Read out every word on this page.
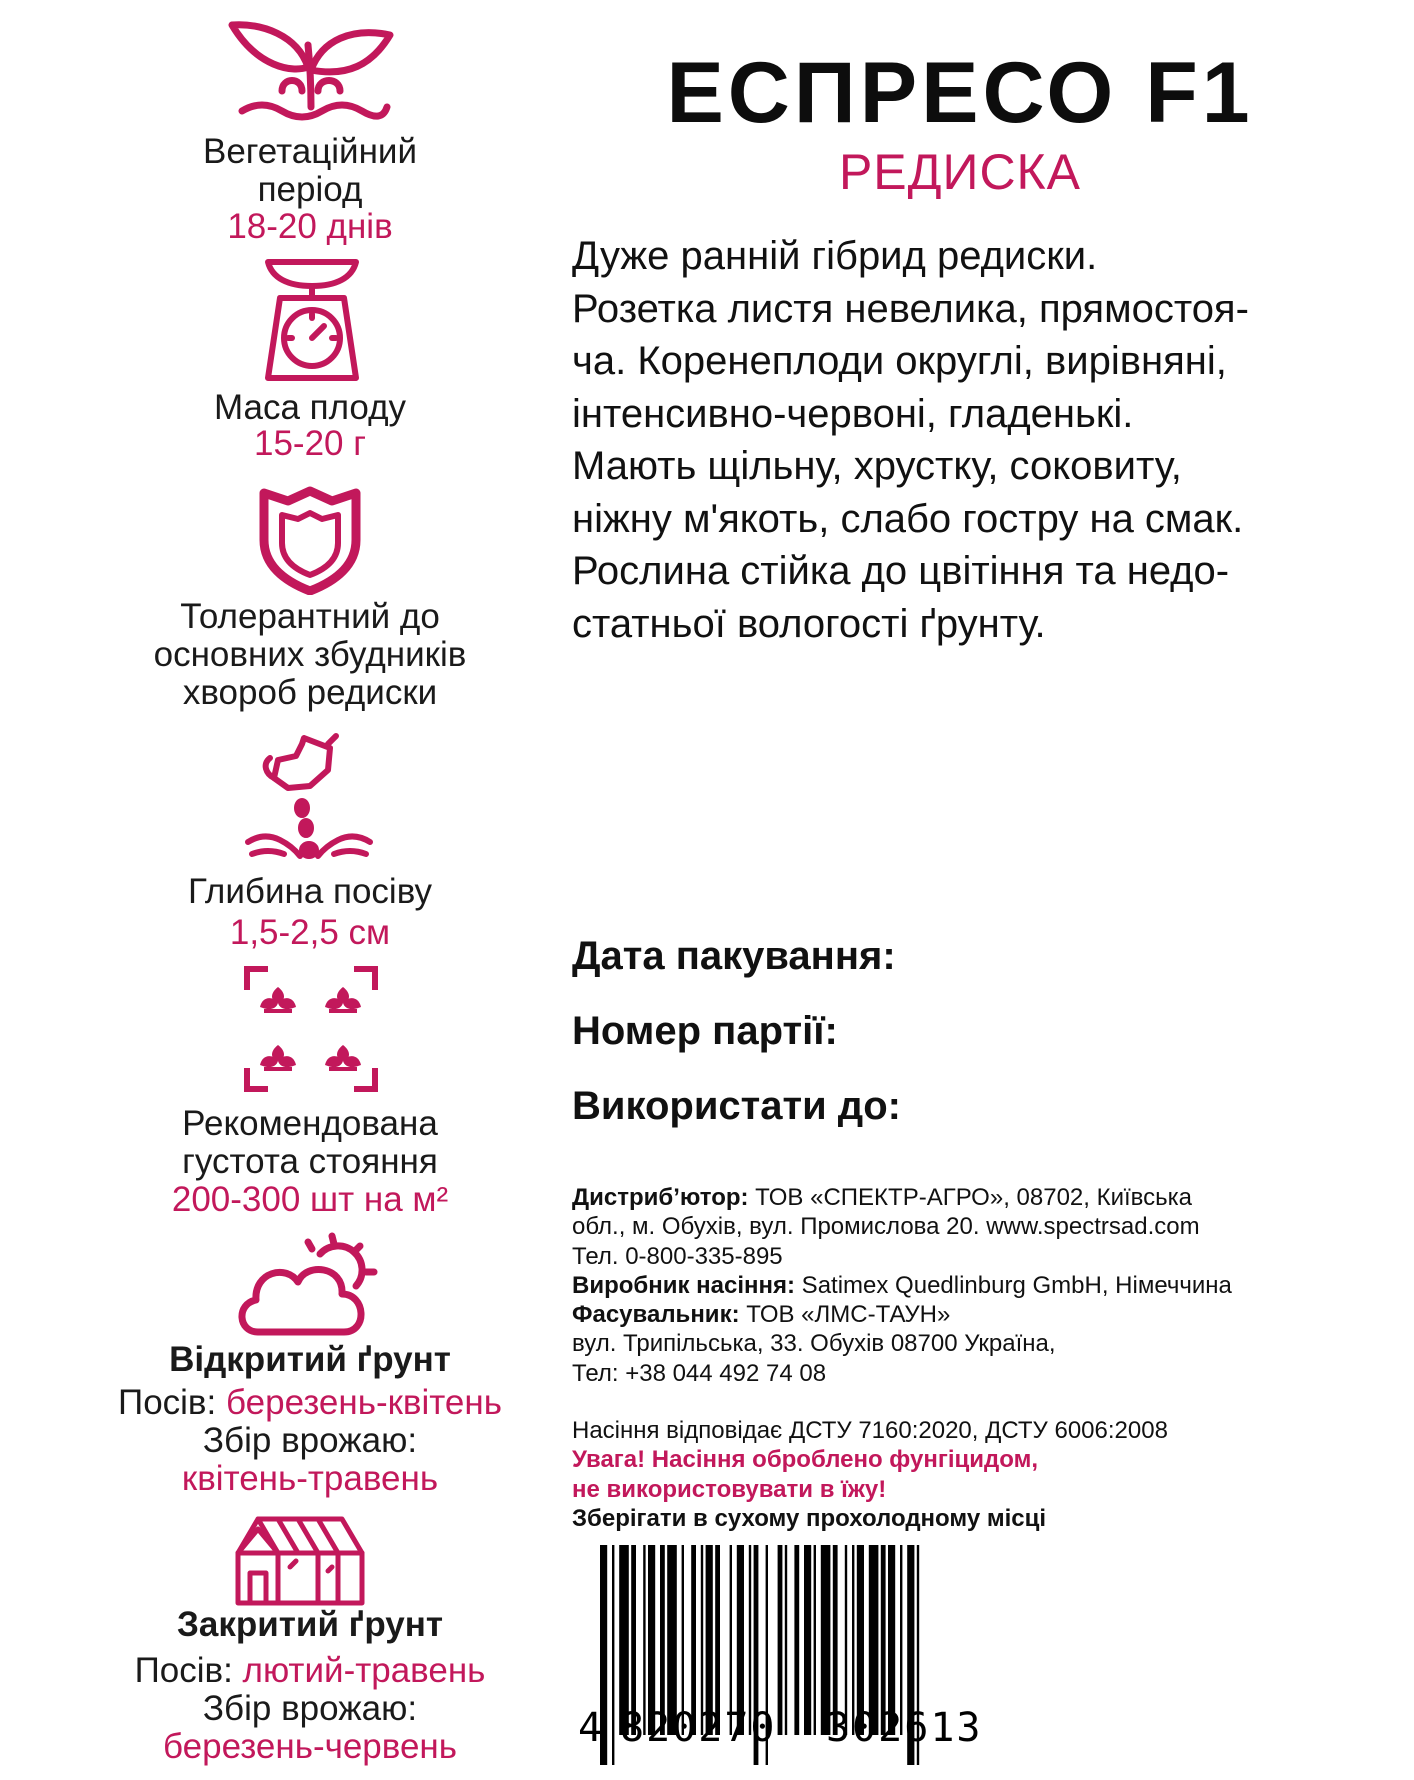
Вегетаційний
період
18-20 днів
Маса плоду
15-20 г
Толерантний до
основних збудників
хвороб редиски
Глибина посіву
1,5-2,5 см
Рекомендована
густота стояння
200-300 шт на м²
Відкритий ґрунт
Посів: березень-квітень
Збір врожаю:
квітень-травень
Закритий ґрунт
Посів: лютий-травень
Збір врожаю:
березень-червень
ЕСПРЕСО F1
РЕДИСКА
Дуже ранній гібрид редиски.
Розетка листя невелика, прямостоя-
ча. Коренеплоди округлі, вирівняні,
інтенсивно-червоні, гладенькі.
Мають щільну, хрустку, соковиту,
ніжну м'якоть, слабо гостру на смак.
Рослина стійка до цвітіння та недо-
статньої вологості ґрунту.
Дата пакування:
Номер партії:
Використати до:
Дистриб’ютор: ТОВ «СПЕКТР-АГРО», 08702, Київська
обл., м. Обухів, вул. Промислова 20. www.spectrsad.com
Тел. 0-800-335-895
Виробник насіння: Satimex Quedlinburg GmbH, Німеччина
Фасувальник: ТОВ «ЛМС-ТАУН»
вул. Трипільська, 33. Обухів 08700 Україна,
Тел: +38 044 492 74 08
Насіння відповідає ДСТУ 7160:2020, ДСТУ 6006:2008
Увага! Насіння оброблено фунгіцидом,
не використовувати в їжу!
Зберігати в сухому прохолодному місці
4 820270 302613
